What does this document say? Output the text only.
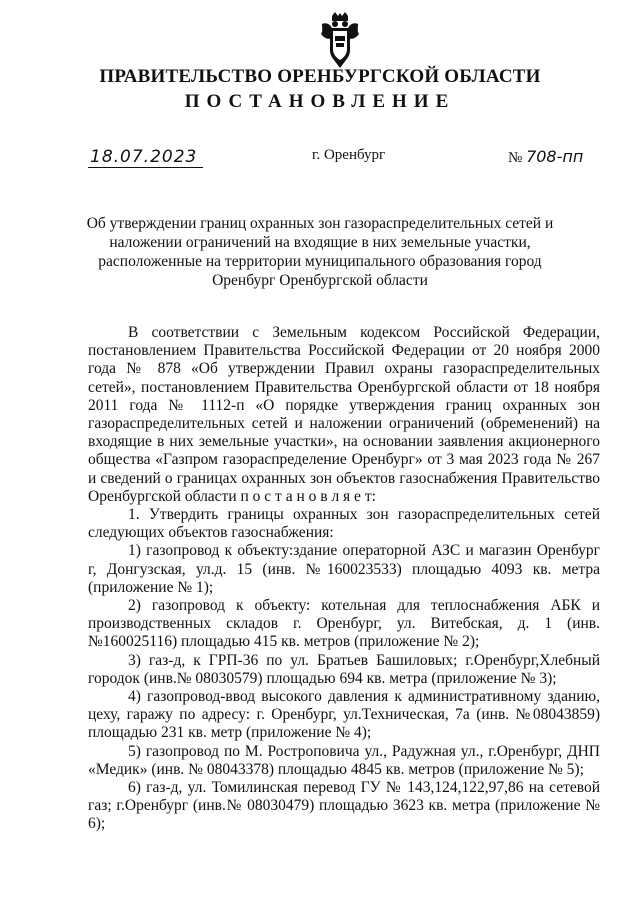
ПРАВИТЕЛЬСТВО ОРЕНБУРГСКОЙ ОБЛАСТИ
ПОСТАНОВЛЕНИЕ
18.07.2023	г. Оренбург	№ 708-пп
Об утверждении границ охранных зон газораспределительных сетей и наложении ограничений на входящие в них земельные участки, расположенные на территории муниципального образования город Оренбург Оренбургской области

В соответствии с Земельным кодексом Российской Федерации, постановлением Правительства Российской Федерации от 20 ноября 2000 года № 878 «Об утверждении Правил охраны газораспределительных сетей», постановлением Правительства Оренбургской области от 18 ноября 2011 года № 1112-п «О порядке утверждения границ охранных зон газораспределительных сетей и наложении ограничений (обременений) на входящие в них земельные участки», на основании заявления акционерного общества «Газпром газораспределение Оренбург» от 3 мая 2023 года № 267 и сведений о границах охранных зон объектов газоснабжения Правительство Оренбургской области п о с т а н о в л я е т:

1. Утвердить границы охранных зон газораспределительных сетей следующих объектов газоснабжения:

1) газопровод к объекту:здание операторной АЗС и магазин Оренбург г, Донгузская, ул.д. 15 (инв. №160023533) площадью 4093 кв. метра (приложение № 1);

2) газопровод к объекту: котельная для теплоснабжения АБК и производственных складов г. Оренбург, ул. Витебская, д. 1 (инв. №160025116) площадью 415 кв. метров (приложение № 2);

3) газ-д, к ГРП-36 по ул. Братьев Башиловых; г.Оренбург,Хлебный городок (инв.№ 08030579) площадью 694 кв. метра (приложение № 3);

4) газопровод-ввод высокого давления к административному зданию, цеху, гаражу по адресу: г. Оренбург, ул.Техническая, 7а (инв. №08043859) площадью 231 кв. метр (приложение № 4);

5) газопровод по М. Ростроповича ул., Радужная ул., г.Оренбург, ДНП «Медик» (инв. № 08043378) площадью 4845 кв. метров (приложение № 5);

6) газ-д, ул. Томилинская перевод ГУ № 143,124,122,97,86 на сетевой газ; г.Оренбург (инв.№ 08030479) площадью 3623 кв. метра (приложение № 6);
